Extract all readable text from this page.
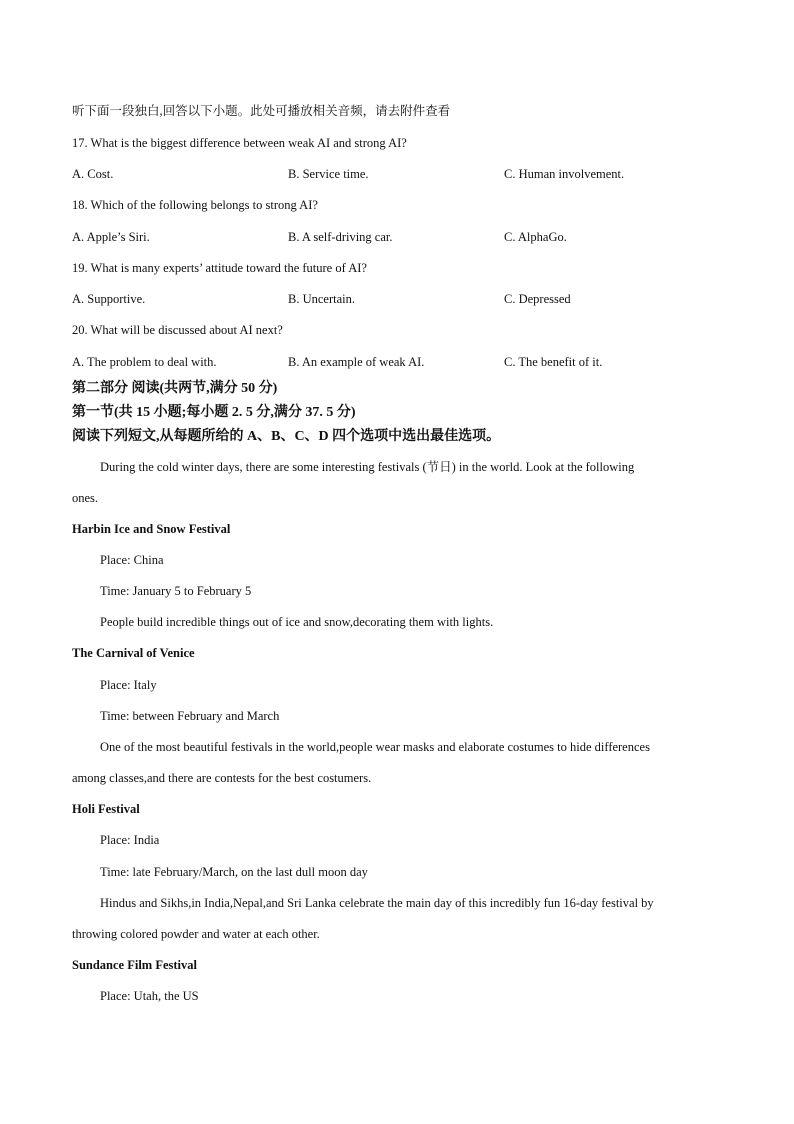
听下面一段独白,回答以下小题。此处可播放相关音频，请去附件查看
17. What is the biggest difference between weak AI and strong AI?
A. Cost.	B. Service time.	C. Human involvement.
18. Which of the following belongs to strong AI?
A. Apple’s Siri.	B. A self-driving car.	C. AlphaGo.
19. What is many experts’ attitude toward the future of AI?
A. Supportive.	B. Uncertain.	C. Depressed
20. What will be discussed about AI next?
A. The problem to deal with.	B. An example of weak AI.	C. The benefit of it.
第二部分 阅读(共两节,满分 50 分)
第一节(共 15 小题;每小题 2. 5 分,满分 37. 5 分)
阅读下列短文,从每题所给的 A、B、C、D 四个选项中选出最佳选项。
During the cold winter days, there are some interesting festivals (节日) in the world. Look at the following
ones.
Harbin Ice and Snow Festival
Place: China
Time: January 5 to February 5
People build incredible things out of ice and snow,decorating them with lights.
The Carnival of Venice
Place: Italy
Time: between February and March
One of the most beautiful festivals in the world,people wear masks and elaborate costumes to hide differences
among classes,and there are contests for the best costumers.
Holi Festival
Place: India
Time: late February/March, on the last dull moon day
Hindus and Sikhs,in India,Nepal,and Sri Lanka celebrate the main day of this incredibly fun 16-day festival by
throwing colored powder and water at each other.
Sundance Film Festival
Place: Utah, the US
